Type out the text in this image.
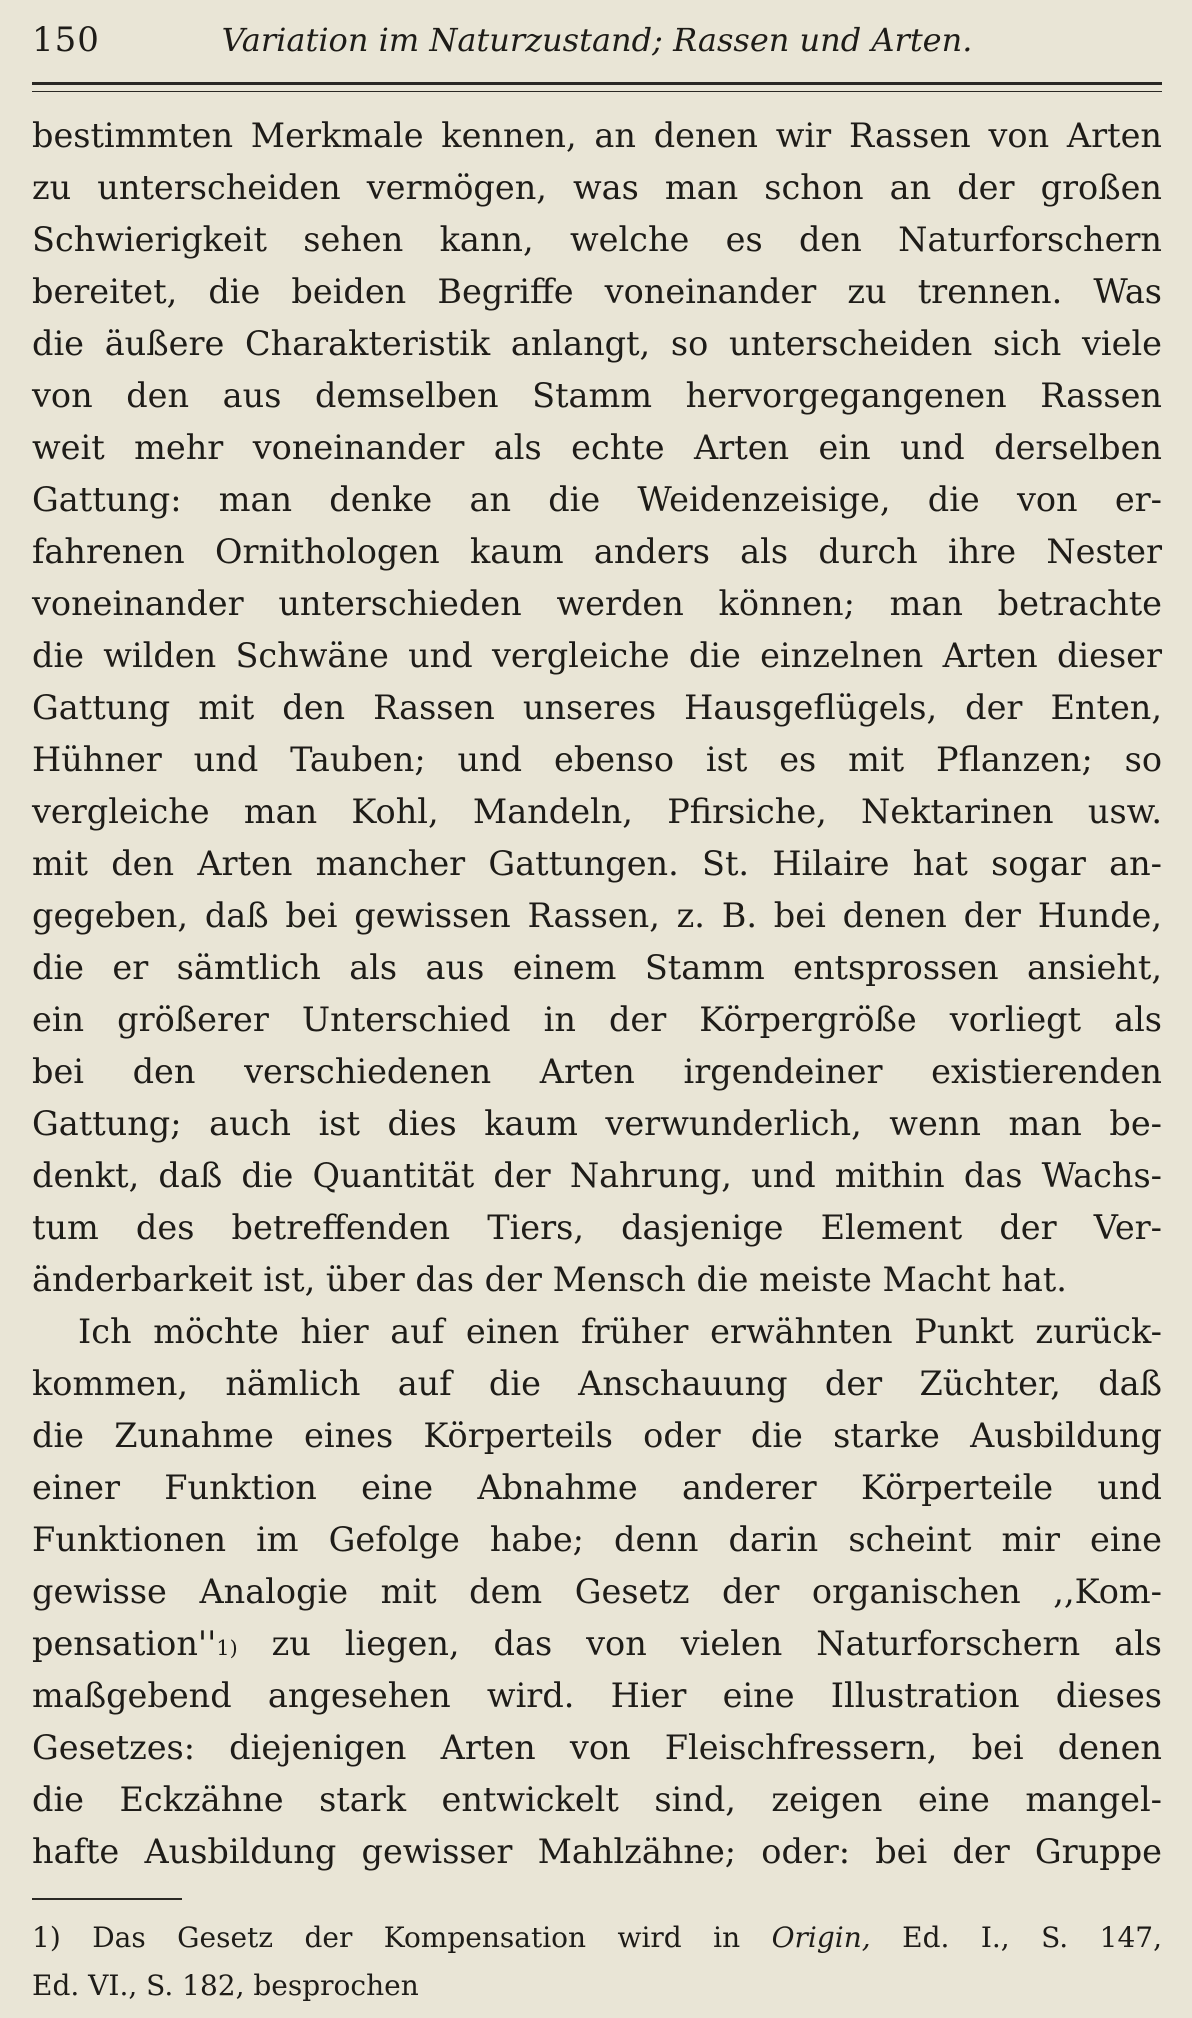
150	Variation im Naturzustand; Rassen und Arten.
bestimmten Merkmale kennen, an denen wir Rassen von Arten
zu unterscheiden vermögen, was man schon an der großen
Schwierigkeit sehen kann, welche es den Naturforschern
bereitet, die beiden Begriffe voneinander zu trennen. Was
die äußere Charakteristik anlangt, so unterscheiden sich viele
von den aus demselben Stamm hervorgegangenen Rassen
weit mehr voneinander als echte Arten ein und derselben
Gattung: man denke an die Weidenzeisige, die von er-
fahrenen Ornithologen kaum anders als durch ihre Nester
voneinander unterschieden werden können; man betrachte
die wilden Schwäne und vergleiche die einzelnen Arten dieser
Gattung mit den Rassen unseres Hausgeflügels, der Enten,
Hühner und Tauben; und ebenso ist es mit Pflanzen; so
vergleiche man Kohl, Mandeln, Pfirsiche, Nektarinen usw.
mit den Arten mancher Gattungen. St. Hilaire hat sogar an-
gegeben, daß bei gewissen Rassen, z. B. bei denen der Hunde,
die er sämtlich als aus einem Stamm entsprossen ansieht,
ein größerer Unterschied in der Körpergröße vorliegt als
bei den verschiedenen Arten irgendeiner existierenden
Gattung; auch ist dies kaum verwunderlich, wenn man be-
denkt, daß die Quantität der Nahrung, und mithin das Wachs-
tum des betreffenden Tiers, dasjenige Element der Ver-
änderbarkeit ist, über das der Mensch die meiste Macht hat.
Ich möchte hier auf einen früher erwähnten Punkt zurück-
kommen, nämlich auf die Anschauung der Züchter, daß
die Zunahme eines Körperteils oder die starke Ausbildung
einer Funktion eine Abnahme anderer Körperteile und
Funktionen im Gefolge habe; denn darin scheint mir eine
gewisse Analogie mit dem Gesetz der organischen ,,Kom-
$pensation''^{1)}$ zu liegen, das von vielen Naturforschern als
maßgebend angesehen wird. Hier eine Illustration dieses
Gesetzes: diejenigen Arten von Fleischfressern, bei denen
die Eckzähne stark entwickelt sind, zeigen eine mangel-
hafte Ausbildung gewisser Mahlzähne; oder: bei der Gruppe
1) Das Gesetz der Kompensation wird in Origin, Ed. I., S. 147,
Ed. VI., S. 182, besprochen
